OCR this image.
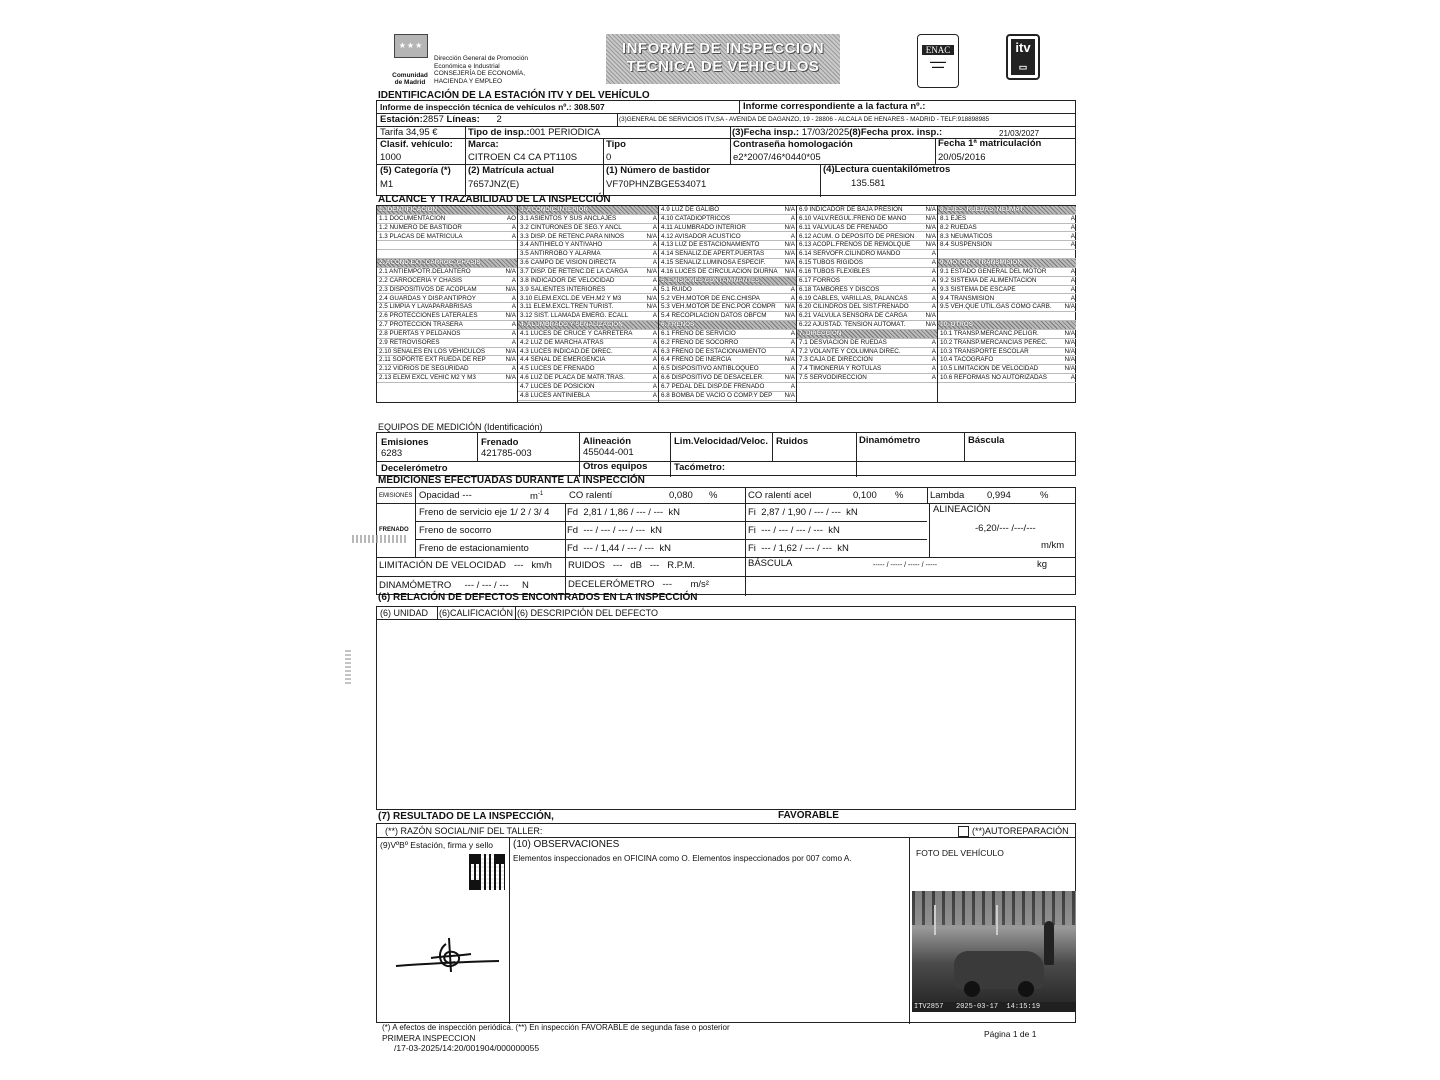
★★★
Comunidad de Madrid
Dirección General de Promoción
Económica e Industrial
CONSEJERÍA DE ECONOMÍA,
HACIENDA Y EMPLEO
INFORME DE INSPECCION
TECNICA DE VEHICULOS
ENAC
▬▬▬▬
▬▬▬
itv
▭
IDENTIFICACIÓN DE LA ESTACIÓN ITV Y DEL VEHÍCULO
Informe de inspección técnica de vehículos nº.: 308.507	Informe correspondiente a la factura nº.:
Estación:2857 Líneas: 2	(3)GENERAL DE SERVICIOS ITV,SA - AVENIDA DE DAGANZO, 19 - 28806 - ALCALA DE HENARES - MADRID - TELF:918898985
Tarifa 34,95 €	Tipo de insp.:001 PERIODICA	(3)Fecha insp.: 17/03/2025(8)Fecha prox. insp.:	21/03/2027
Clasif. vehículo:
1000
Marca:
CITROEN C4 CA PT110S
Tipo
0
Contraseña homologación
e2*2007/46*0440*05
Fecha 1ª matriculación
20/05/2016
(5) Categoría (*)
M1
(2) Matrícula actual
7657JNZ(E)
(1) Número de bastidor
VF70PHNZBGE534071
(4)Lectura cuentakilómetros
135.581
ALCANCE Y TRAZABILIDAD DE LA INSPECCIÓN
1. IDENTIFICACIÓN
1.1 DOCUMENTACIÓN	AO
1.2 NÚMERO DE BASTIDOR	A
1.3 PLACAS DE MATRÍCULA	A
2. ACOND.EXT.,CARROC.,CHASIS
2.1 ANTIEMPOTR.DELANTERO	N/A
2.2 CARROCERÍA Y CHASIS	A
2.3 DISPOSITIVOS DE ACOPLAM	N/A
2.4 GUARDAS Y DISP.ANTIPROY	A
2.5 LIMPIA Y LAVAPARABRISAS	A
2.6 PROTECCIONES LATERALES	N/A
2.7 PROTECCIÓN TRASERA	A
2.8 PUERTAS Y PELDAÑOS	A
2.9 RETROVISORES	A
2.10 SEÑALES EN LOS VEHÍCULOS	N/A
2.11 SOPORTE EXT RUEDA DE REP	N/A
2.12 VIDRIOS DE SEGURIDAD	A
2.13 ELEM EXCL VEHIC M2 Y M3	N/A
3. ACONDIC.INTERIOR
3.1 ASIENTOS Y SUS ANCLAJES	A
3.2 CINTURONES DE SEG.Y ANCL	A
3.3 DISP. DE RETENC.PARA NIÑOS	N/A
3.4 ANTIHIELO Y ANTIVAHO	A
3.5 ANTIRROBO Y ALARMA	A
3.6 CAMPO DE VISIÓN DIRECTA	A
3.7 DISP. DE RETENC.DE LA CARGA	N/A
3.8 INDICADOR DE VELOCIDAD	A
3.9 SALIENTES INTERIORES	A
3.10 ELEM.EXCL.DE VEH.M2 Y M3	N/A
3.11 ELEM.EXCL.TREN TURIST.	N/A
3.12 SIST. LLAMADA EMERG. ECALL	A
4. ALUMBRADO Y SEÑALIZACIÓN
4.1 LUCES DE CRUCE Y CARRETERA	A
4.2 LUZ DE MARCHA ATRÁS	A
4.3 LUCES INDICAD.DE DIREC.	A
4.4 SEÑAL DE EMERGENCIA	A
4.5 LUCES DE FRENADO	A
4.6 LUZ DE PLACA DE MATR.TRAS.	A
4.7 LUCES DE POSICIÓN	A
4.8 LUCES ANTINIEBLA	A
4.9 LUZ DE GÁLIBO	N/A
4.10 CATADIÓPTRICOS	A
4.11 ALUMBRADO INTERIOR	N/A
4.12 AVISADOR ACÚSTICO	A
4.13 LUZ DE ESTACIONAMIENTO	N/A
4.14 SEÑALIZ.DE APERT.PUERTAS	N/A
4.15 SEÑALIZ.LUMINOSA ESPECÍF.	N/A
4.16 LUCES DE CIRCULACIÓN DIURNA N/A
5. EMISIONES CONTAMINANTES
5.1 RUIDO	A
5.2 VEH.MOTOR DE ENC.CHISPA	A
5.3 VEH.MOTOR DE ENC.POR COMPR N/A
5.4 RECOPILACIÓN DATOS OBFCM	N/A
6. FRENOS
6.1 FRENO DE SERVICIO	A
6.2 FRENO DE SOCORRO	A
6.3 FRENO DE ESTACIONAMIENTO	A
6.4 FRENO DE INERCIA	N/A
6.5 DISPOSITIVO ANTIBLOQUEO	A
6.6 DISPOSITIVO DE DESACELER.	N/A
6.7 PEDAL DEL DISP.DE FRENADO	A
6.8 BOMBA DE VACÍO O COMP.Y DEP N/A
6.9 INDICADOR DE BAJA PRESIÓN	N/A
6.10 VÁLV.REGUL.FRENO DE MANO	N/A
6.11 VÁLVULAS DE FRENADO	N/A
6.12 ACUM. O DEPÓSITO DE PRESIÓN N/A
6.13 ACOPL.FRENOS DE REMOLQUE N/A
6.14 SERVOFR.CILINDRO MANDO	A
6.15 TUBOS RÍGIDOS	A
6.16 TUBOS FLEXIBLES	A
6.17 FORROS	A
6.18 TAMBORES Y DISCOS	A
6.19 CABLES, VARILLAS, PALANCAS	A
6.20 CILINDROS DEL SIST.FRENADO	A
6.21 VÁLVULA SENSORA DE CARGA	N/A
6.22 AJUSTAD. TENSIÓN AUTOMÁT.	N/A
7. DIRECCIÓN
7.1 DESVIACIÓN DE RUEDAS	A
7.2 VOLANTE Y COLUMNA DIREC.	A
7.3 CAJA DE DIRECCIÓN	A
7.4 TIMONERÍA Y RÓTULAS	A
7.5 SERVODIRECCIÓN	A
8. EJES, RUEDAS, NEUMÁT.
8.1 EJES	A
8.2 RUEDAS	A
8.3 NEUMÁTICOS	A
8.4 SUSPENSIÓN	A
9. MOTOR Y TRANSMISIÓN
9.1 ESTADO GENERAL DEL MOTOR	A
9.2 SISTEMA DE ALIMENTACIÓN	A
9.3 SISTEMA DE ESCAPE	A
9.4 TRANSMISIÓN	A
9.5 VEH.QUE UTIL.GAS COMO CARB. N/A
10. OTROS
10.1 TRANSP.MERCANC.PELIGR.	N/A
10.2 TRANSP.MERCANCÍAS PEREC.	N/A
10.3 TRANSPORTE ESCOLAR	N/A
10.4 TACÓGRAFO	N/A
10.5 LIMITACIÓN DE VELOCIDAD	N/A
10.6 REFORMAS NO AUTORIZADAS	A
EQUIPOS DE MEDICIÓN (Identificación)
Emisiones
6283
Frenado
421785-003
Alineación
455044-001
Lim.Velocidad/Veloc. Ruidos	Dinamómetro	Báscula
Decelerómetro	Otros equipos	Tacómetro:
MEDICIONES EFECTUADAS DURANTE LA INSPECCIÓN
EMISIONES Opacidad ---	$m^{-1}$	CO ralentí	0,080 %	CO ralentí acel	0,100 %	Lambda 0,994	%
FRENADO
Freno de servicio eje 1/ 2 / 3/ 4 Fd  2,81 / 1,86 / --- / ---  kN	Fi  2,87 / 1,90 / --- / ---  kN
Freno de socorro	Fd  --- / --- / --- / ---  kN	Fi  --- / --- / --- / ---  kN
Freno de estacionamiento	Fd  --- / 1,44 / --- / ---  kN	Fi  --- / 1,62 / --- / ---  kN
ALINEACIÓN
-6,20/--- /---/---
m/km
LIMITACIÓN DE VELOCIDAD ---   km/h RUIDOS ---   dB   ---   R.P.M.	BÁSCULA	----- / ----- / ----- / -----	kg
DINAMÓMETRO --- / --- / ---     N	DECELERÓMETRO ---       m/s²
(6) RELACIÓN DE DEFECTOS ENCONTRADOS EN LA INSPECCIÓN
(6) UNIDAD (6)CALIFICACIÓN (6) DESCRIPCIÓN DEL DEFECTO
(7) RESULTADO DE LA INSPECCIÓN,	FAVORABLE
(**) RAZÓN SOCIAL/NIF DEL TALLER:	(**)AUTOREPARACIÓN
(9)VºBº Estación, firma y sello (10) OBSERVACIONES
Elementos inspeccionados en OFICINA como O. Elementos inspeccionados por 007 como A.
FOTO DEL VEHÍCULO
ITV2857   2025-03-17  14:15:19
(*) A efectos de inspección periódica. (**) En inspección FAVORABLE de segunda fase o posterior
PRIMERA INSPECCION
/17-03-2025/14:20/001904/000000055
Página 1 de 1
